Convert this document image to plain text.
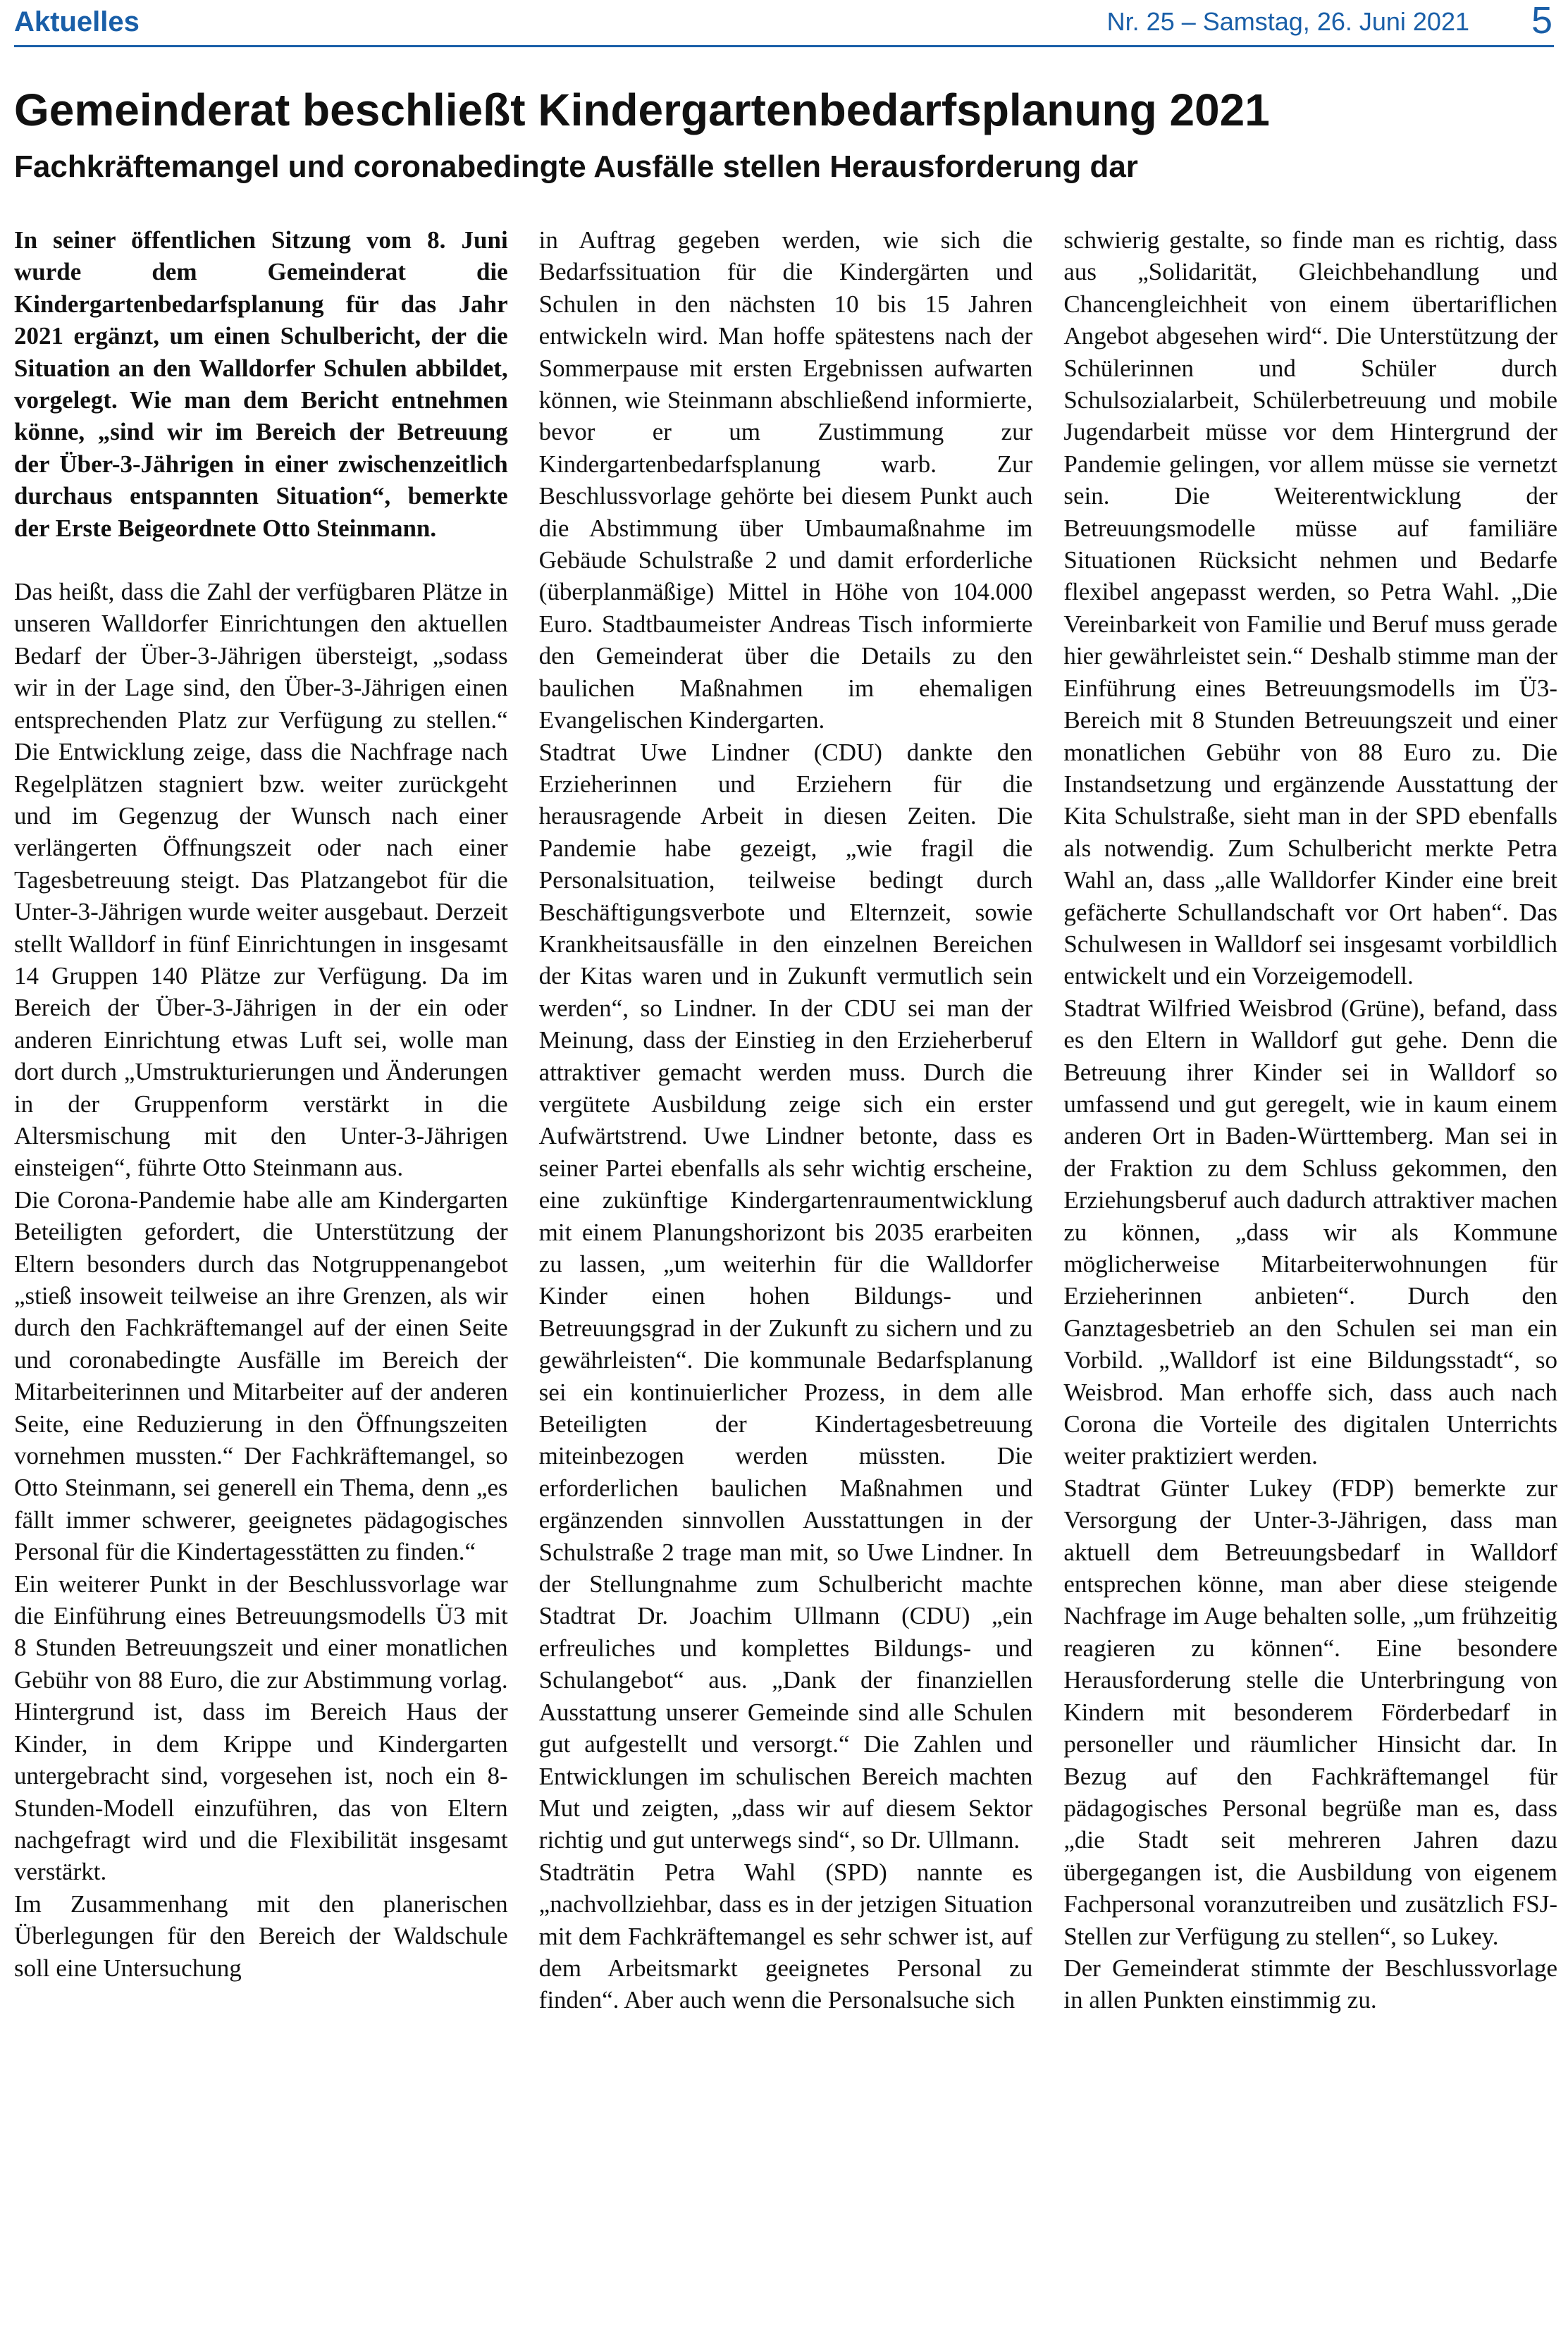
Aktuelles	Nr. 25 – Samstag, 26. Juni 2021 5
Gemeinderat beschließt Kindergartenbedarfsplanung 2021
Fachkräftemangel und coronabedingte Ausfälle stellen Herausforderung dar

In seiner öffentlichen Sitzung vom 8. Juni wurde dem Gemeinderat die Kindergartenbedarfsplanung für das Jahr 2021 ergänzt, um einen Schulbericht, der die Situation an den Walldorfer Schulen abbildet, vorgelegt. Wie man dem Bericht entnehmen könne, „sind wir im Bereich der Betreuung der Über-3-Jährigen in einer zwischenzeitlich durchaus entspannten Situation“, bemerkte der Erste Beigeordnete Otto Steinmann.

Das heißt, dass die Zahl der verfügbaren Plätze in unseren Walldorfer Einrichtungen den aktuellen Bedarf der Über-3-Jährigen übersteigt, „sodass wir in der Lage sind, den Über-3-Jährigen einen entsprechenden Platz zur Verfügung zu stellen.“ Die Entwicklung zeige, dass die Nachfrage nach Regelplätzen stagniert bzw. weiter zurückgeht und im Gegenzug der Wunsch nach einer verlängerten Öffnungszeit oder nach einer Tagesbetreuung steigt. Das Platzangebot für die Unter-3-Jährigen wurde weiter ausgebaut. Derzeit stellt Walldorf in fünf Einrichtungen in insgesamt 14 Gruppen 140 Plätze zur Verfügung. Da im Bereich der Über-3-Jährigen in der ein oder anderen Einrichtung etwas Luft sei, wolle man dort durch „Umstrukturierungen und Änderungen in der Gruppenform verstärkt in die Altersmischung mit den Unter-3-Jährigen einsteigen“, führte Otto Steinmann aus.

Die Corona-Pandemie habe alle am Kindergarten Beteiligten gefordert, die Unterstützung der Eltern besonders durch das Notgruppenangebot „stieß insoweit teilweise an ihre Grenzen, als wir durch den Fachkräftemangel auf der einen Seite und coronabedingte Ausfälle im Bereich der Mitarbeiterinnen und Mitarbeiter auf der anderen Seite, eine Reduzierung in den Öffnungszeiten vornehmen mussten.“ Der Fachkräftemangel, so Otto Steinmann, sei generell ein Thema, denn „es fällt immer schwerer, geeignetes pädagogisches Personal für die Kindertagesstätten zu finden.“

Ein weiterer Punkt in der Beschlussvorlage war die Einführung eines Betreuungsmodells Ü3 mit 8 Stunden Betreuungszeit und einer monatlichen Gebühr von 88 Euro, die zur Abstimmung vorlag. Hintergrund ist, dass im Bereich Haus der Kinder, in dem Krippe und Kindergarten untergebracht sind, vorgesehen ist, noch ein 8-Stunden-Modell einzuführen, das von Eltern nachgefragt wird und die Flexibilität insgesamt verstärkt.

Im Zusammenhang mit den planerischen Überlegungen für den Bereich der Waldschule soll eine Untersuchung

in Auftrag gegeben werden, wie sich die Bedarfssituation für die Kindergärten und Schulen in den nächsten 10 bis 15 Jahren entwickeln wird. Man hoffe spätestens nach der Sommerpause mit ersten Ergebnissen aufwarten können, wie Steinmann abschließend informierte, bevor er um Zustimmung zur Kindergartenbedarfsplanung warb. Zur Beschlussvorlage gehörte bei diesem Punkt auch die Abstimmung über Umbaumaßnahme im Gebäude Schulstraße 2 und damit erforderliche (überplanmäßige) Mittel in Höhe von 104.000 Euro. Stadtbaumeister Andreas Tisch informierte den Gemeinderat über die Details zu den baulichen Maßnahmen im ehemaligen Evangelischen Kindergarten.

Stadtrat Uwe Lindner (CDU) dankte den Erzieherinnen und Erziehern für die herausragende Arbeit in diesen Zeiten. Die Pandemie habe gezeigt, „wie fragil die Personalsituation, teilweise bedingt durch Beschäftigungsverbote und Elternzeit, sowie Krankheitsausfälle in den einzelnen Bereichen der Kitas waren und in Zukunft vermutlich sein werden“, so Lindner. In der CDU sei man der Meinung, dass der Einstieg in den Erzieherberuf attraktiver gemacht werden muss. Durch die vergütete Ausbildung zeige sich ein erster Aufwärtstrend. Uwe Lindner betonte, dass es seiner Partei ebenfalls als sehr wichtig erscheine, eine zukünftige Kindergartenraumentwicklung mit einem Planungshorizont bis 2035 erarbeiten zu lassen, „um weiterhin für die Walldorfer Kinder einen hohen Bildungs- und Betreuungsgrad in der Zukunft zu sichern und zu gewährleisten“. Die kommunale Bedarfsplanung sei ein kontinuierlicher Prozess, in dem alle Beteiligten der Kindertagesbetreuung miteinbezogen werden müssten. Die erforderlichen baulichen Maßnahmen und ergänzenden sinnvollen Ausstattungen in der Schulstraße 2 trage man mit, so Uwe Lindner. In der Stellungnahme zum Schulbericht machte Stadtrat Dr. Joachim Ullmann (CDU) „ein erfreuliches und komplettes Bildungs- und Schulangebot“ aus. „Dank der finanziellen Ausstattung unserer Gemeinde sind alle Schulen gut aufgestellt und versorgt.“ Die Zahlen und Entwicklungen im schulischen Bereich machten Mut und zeigten, „dass wir auf diesem Sektor richtig und gut unterwegs sind“, so Dr. Ullmann.

Stadträtin Petra Wahl (SPD) nannte es „nachvollziehbar, dass es in der jetzigen Situation mit dem Fachkräftemangel es sehr schwer ist, auf dem Arbeitsmarkt geeignetes Personal zu finden“. Aber auch wenn die Personalsuche sich

schwierig gestalte, so finde man es richtig, dass aus „Solidarität, Gleichbehandlung und Chancengleichheit von einem übertariflichen Angebot abgesehen wird“. Die Unterstützung der Schülerinnen und Schüler durch Schulsozialarbeit, Schülerbetreuung und mobile Jugendarbeit müsse vor dem Hintergrund der Pandemie gelingen, vor allem müsse sie vernetzt sein. Die Weiterentwicklung der Betreuungsmodelle müsse auf familiäre Situationen Rücksicht nehmen und Bedarfe flexibel angepasst werden, so Petra Wahl. „Die Vereinbarkeit von Familie und Beruf muss gerade hier gewährleistet sein.“ Deshalb stimme man der Einführung eines Betreuungsmodells im Ü3-Bereich mit 8 Stunden Betreuungszeit und einer monatlichen Gebühr von 88 Euro zu. Die Instandsetzung und ergänzende Ausstattung der Kita Schulstraße, sieht man in der SPD ebenfalls als notwendig. Zum Schulbericht merkte Petra Wahl an, dass „alle Walldorfer Kinder eine breit gefächerte Schullandschaft vor Ort haben“. Das Schulwesen in Walldorf sei insgesamt vorbildlich entwickelt und ein Vorzeigemodell.

Stadtrat Wilfried Weisbrod (Grüne), befand, dass es den Eltern in Walldorf gut gehe. Denn die Betreuung ihrer Kinder sei in Walldorf so umfassend und gut geregelt, wie in kaum einem anderen Ort in Baden-Württemberg. Man sei in der Fraktion zu dem Schluss gekommen, den Erziehungsberuf auch dadurch attraktiver machen zu können, „dass wir als Kommune möglicherweise Mitarbeiterwohnungen für Erzieherinnen anbieten“. Durch den Ganztagesbetrieb an den Schulen sei man ein Vorbild. „Walldorf ist eine Bildungsstadt“, so Weisbrod. Man erhoffe sich, dass auch nach Corona die Vorteile des digitalen Unterrichts weiter praktiziert werden.

Stadtrat Günter Lukey (FDP) bemerkte zur Versorgung der Unter-3-Jährigen, dass man aktuell dem Betreuungsbedarf in Walldorf entsprechen könne, man aber diese steigende Nachfrage im Auge behalten solle, „um frühzeitig reagieren zu können“. Eine besondere Herausforderung stelle die Unterbringung von Kindern mit besonderem Förderbedarf in personeller und räumlicher Hinsicht dar. In Bezug auf den Fachkräftemangel für pädagogisches Personal begrüße man es, dass „die Stadt seit mehreren Jahren dazu übergegangen ist, die Ausbildung von eigenem Fachpersonal voranzutreiben und zusätzlich FSJ-Stellen zur Verfügung zu stellen“, so Lukey.

Der Gemeinderat stimmte der Beschlussvorlage in allen Punkten einstimmig zu.
